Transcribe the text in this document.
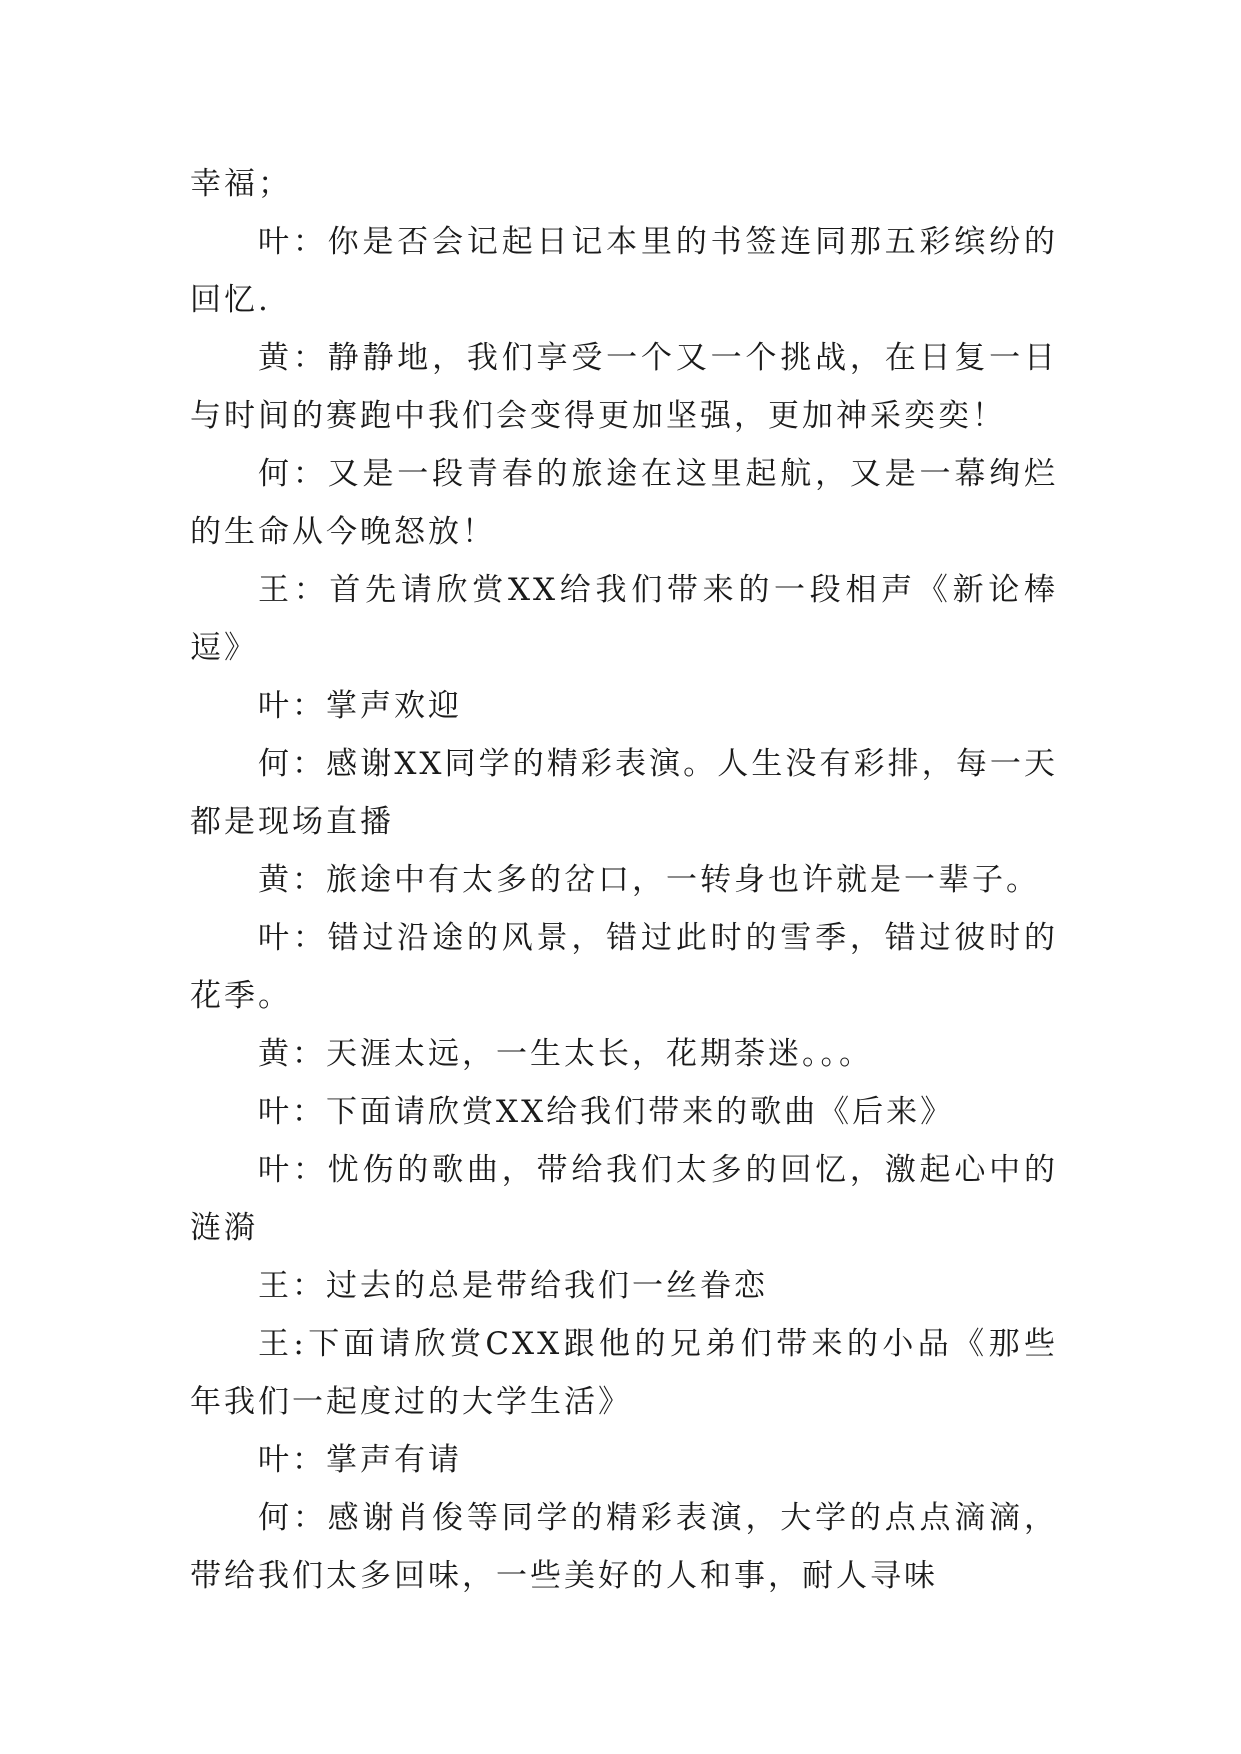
幸福；

叶：你是否会记起日记本里的书签连同那五彩缤纷的回忆.

黄：静静地，我们享受一个又一个挑战，在日复一日与时间的赛跑中我们会变得更加坚强，更加神采奕奕！

何：又是一段青春的旅途在这里起航，又是一幕绚烂的生命从今晚怒放！

王：首先请欣赏XX给我们带来的一段相声《新论棒逗》

叶：掌声欢迎

何：感谢XX同学的精彩表演。人生没有彩排，每一天都是现场直播

黄：旅途中有太多的岔口，一转身也许就是一辈子。

叶：错过沿途的风景，错过此时的雪季，错过彼时的花季。

黄：天涯太远，一生太长，花期荼迷。。。

叶：下面请欣赏XX给我们带来的歌曲《后来》

叶：忧伤的歌曲，带给我们太多的回忆，激起心中的涟漪

王：过去的总是带给我们一丝眷恋

王:下面请欣赏CXX跟他的兄弟们带来的小品《那些年我们一起度过的大学生活》

叶：掌声有请

何：感谢肖俊等同学的精彩表演，大学的点点滴滴，带给我们太多回味，一些美好的人和事，耐人寻味
